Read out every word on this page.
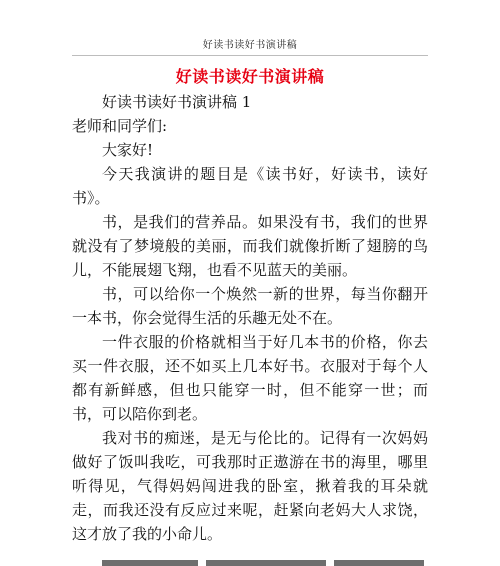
好读书读好书演讲稿
好读书读好书演讲稿

好读书读好书演讲稿 1

老师和同学们:

大家好!

今天我演讲的题目是《读书好，好读书，读好书》。

书，是我们的营养品。如果没有书，我们的世界就没有了梦境般的美丽，而我们就像折断了翅膀的鸟儿，不能展翅飞翔，也看不见蓝天的美丽。

书，可以给你一个焕然一新的世界，每当你翻开一本书，你会觉得生活的乐趣无处不在。

一件衣服的价格就相当于好几本书的价格，你去买一件衣服，还不如买上几本好书。衣服对于每个人都有新鲜感，但也只能穿一时，但不能穿一世；而书，可以陪你到老。

我对书的痴迷，是无与伦比的。记得有一次妈妈做好了饭叫我吃，可我那时正遨游在书的海里，哪里听得见，气得妈妈闯进我的卧室，揪着我的耳朵就走，而我还没有反应过来呢，赶紧向老妈大人求饶，这才放了我的小命儿。
